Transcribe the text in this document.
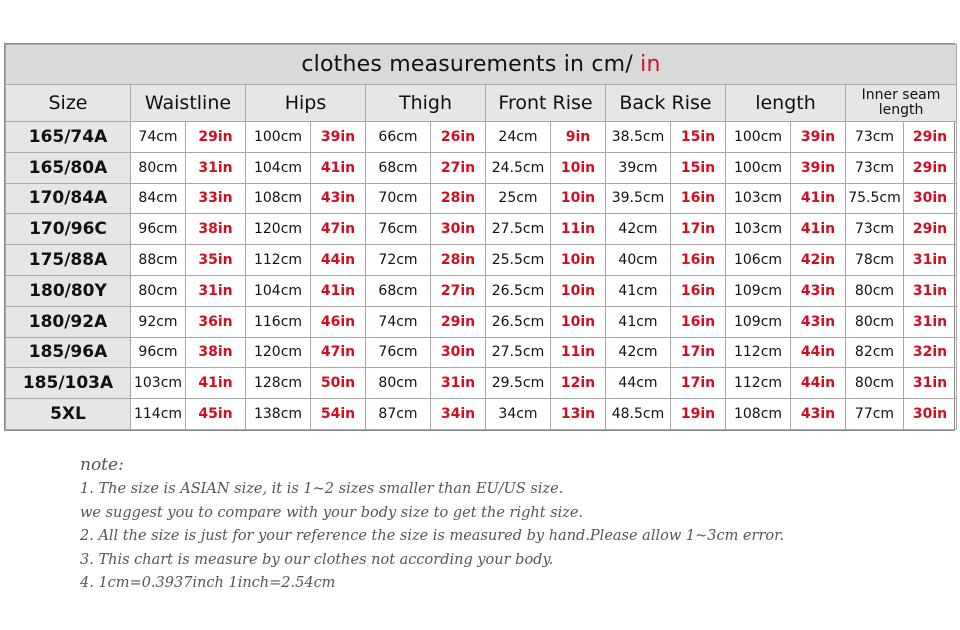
clothes measurements in cm/ in														
Size	Waistline		Hips		Thigh		Front Rise		Back Rise		length		Inner seam length	
165/74A	74cm	29in	100cm	39in	66cm	26in	24cm	9in	38.5cm	15in	100cm	39in	73cm	29in
165/80A	80cm	31in	104cm	41in	68cm	27in	24.5cm	10in	39cm	15in	100cm	39in	73cm	29in
170/84A	84cm	33in	108cm	43in	70cm	28in	25cm	10in	39.5cm	16in	103cm	41in	75.5cm	30in
170/96C	96cm	38in	120cm	47in	76cm	30in	27.5cm	11in	42cm	17in	103cm	41in	73cm	29in
175/88A	88cm	35in	112cm	44in	72cm	28in	25.5cm	10in	40cm	16in	106cm	42in	78cm	31in
180/80Y	80cm	31in	104cm	41in	68cm	27in	26.5cm	10in	41cm	16in	109cm	43in	80cm	31in
180/92A	92cm	36in	116cm	46in	74cm	29in	26.5cm	10in	41cm	16in	109cm	43in	80cm	31in
185/96A	96cm	38in	120cm	47in	76cm	30in	27.5cm	11in	42cm	17in	112cm	44in	82cm	32in
185/103A	103cm	41in	128cm	50in	80cm	31in	29.5cm	12in	44cm	17in	112cm	44in	80cm	31in
5XL	114cm	45in	138cm	54in	87cm	34in	34cm	13in	48.5cm	19in	108cm	43in	77cm	30in
note:
1. The size is ASIAN size, it is 1~2 sizes smaller than EU/US size.
we suggest you to compare with your body size to get the right size.
2. All the size is just for your reference the size is measured by hand.Please allow 1~3cm error.
3. This chart is measure by our clothes not according your body.
4. 1cm=0.3937inch 1inch=2.54cm
